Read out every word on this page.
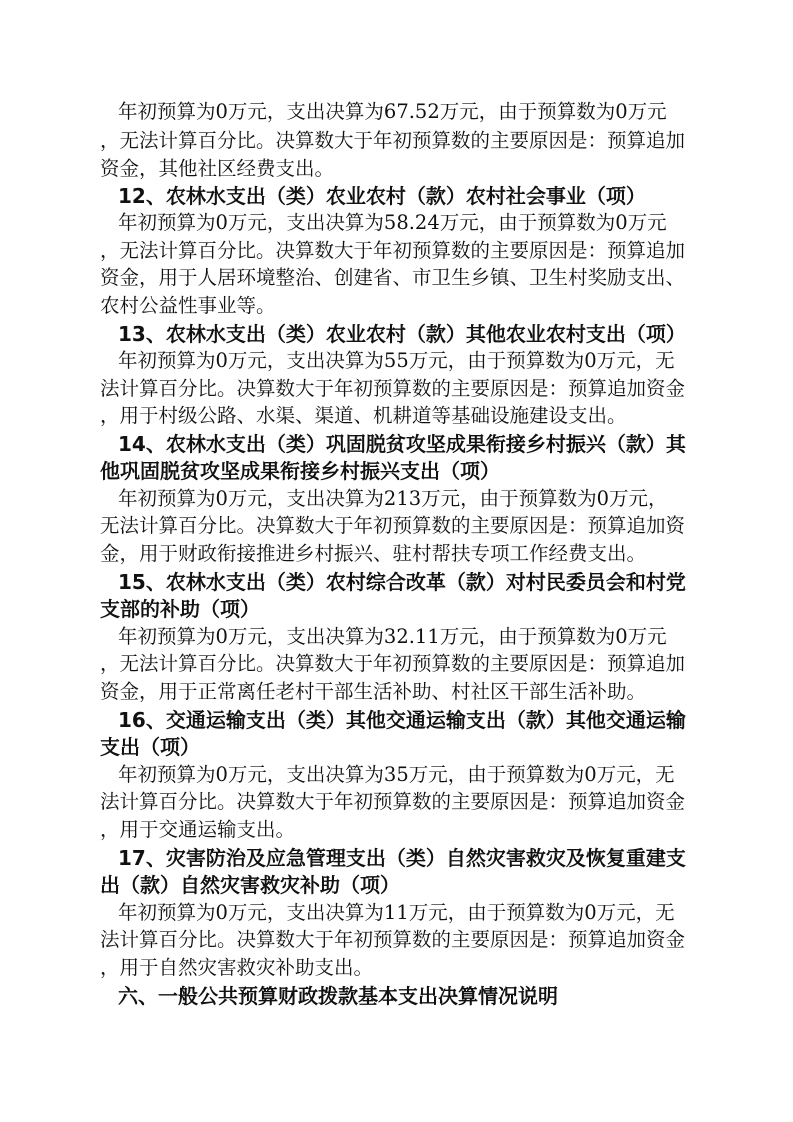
年初预算为0万元，支出决算为67.52万元，由于预算数为0万元
，无法计算百分比。决算数大于年初预算数的主要原因是：预算追加
资金，其他社区经费支出。
12、农林水支出（类）农业农村（款）农村社会事业（项）
年初预算为0万元，支出决算为58.24万元，由于预算数为0万元
，无法计算百分比。决算数大于年初预算数的主要原因是：预算追加
资金，用于人居环境整治、创建省、市卫生乡镇、卫生村奖励支出、
农村公益性事业等。
13、农林水支出（类）农业农村（款）其他农业农村支出（项）
年初预算为0万元，支出决算为55万元，由于预算数为0万元，无
法计算百分比。决算数大于年初预算数的主要原因是：预算追加资金
，用于村级公路、水渠、渠道、机耕道等基础设施建设支出。
14、农林水支出（类）巩固脱贫攻坚成果衔接乡村振兴（款）其
他巩固脱贫攻坚成果衔接乡村振兴支出（项）
年初预算为0万元，支出决算为213万元，由于预算数为0万元，
无法计算百分比。决算数大于年初预算数的主要原因是：预算追加资
金，用于财政衔接推进乡村振兴、驻村帮扶专项工作经费支出。
15、农林水支出（类）农村综合改革（款）对村民委员会和村党
支部的补助（项）
年初预算为0万元，支出决算为32.11万元，由于预算数为0万元
，无法计算百分比。决算数大于年初预算数的主要原因是：预算追加
资金，用于正常离任老村干部生活补助、村社区干部生活补助。
16、交通运输支出（类）其他交通运输支出（款）其他交通运输
支出（项）
年初预算为0万元，支出决算为35万元，由于预算数为0万元，无
法计算百分比。决算数大于年初预算数的主要原因是：预算追加资金
，用于交通运输支出。
17、灾害防治及应急管理支出（类）自然灾害救灾及恢复重建支
出（款）自然灾害救灾补助（项）
年初预算为0万元，支出决算为11万元，由于预算数为0万元，无
法计算百分比。决算数大于年初预算数的主要原因是：预算追加资金
，用于自然灾害救灾补助支出。
六、一般公共预算财政拨款基本支出决算情况说明
